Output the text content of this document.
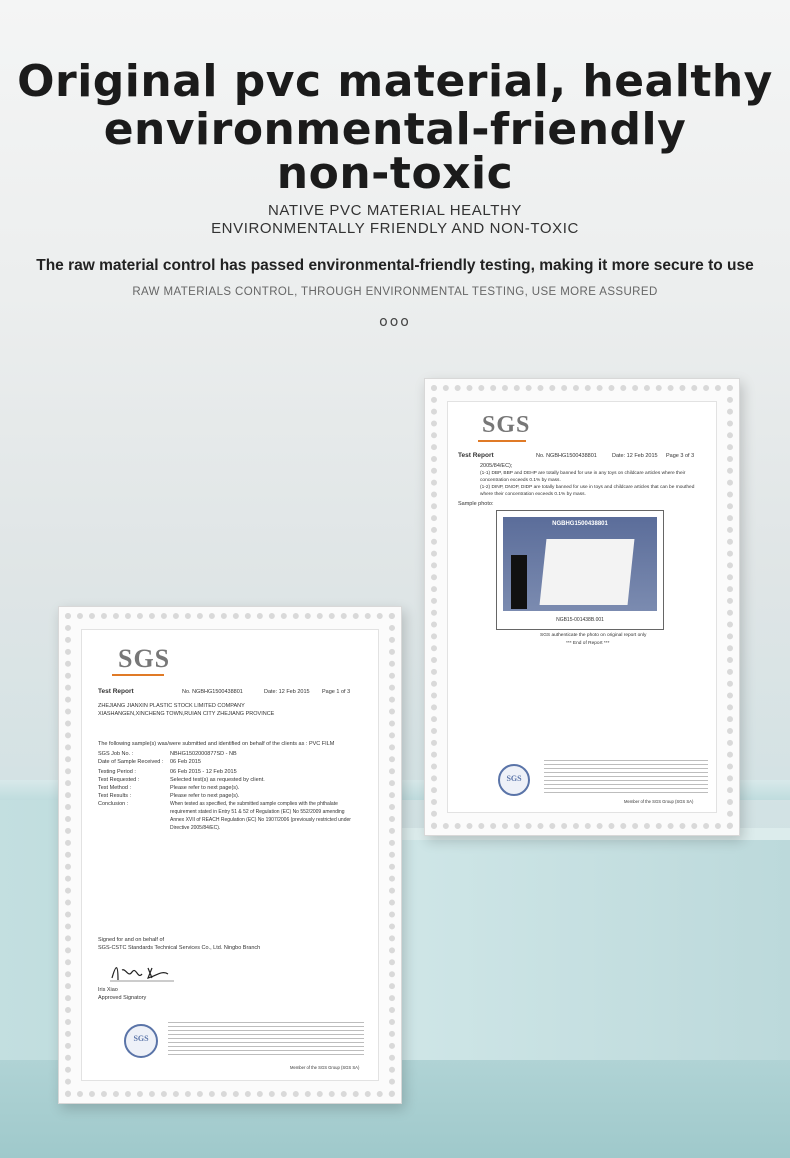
Original pvc material, healthy
environmental-friendly
non-toxic
NATIVE PVC MATERIAL HEALTHY
ENVIRONMENTALLY FRIENDLY AND NON-TOXIC
The raw material control has passed environmental-friendly testing, making it more secure to use
RAW MATERIALS CONTROL, THROUGH ENVIRONMENTAL TESTING, USE MORE ASSURED
ooo
SGS
Test Report	No. NGBHG1500438801	Date: 12 Feb 2015 Page 3 of 3
2005/84/EC);
(1-1) DBP, BBP and DEHP are totally banned for use in any toys on childcare articles where their
concentration exceeds 0.1% by mass.
(1-2) DINP, DNOP, DIDP are totally banned for use in toys and childcare articles that can be mouthed
where their concentration exceeds 0.1% by mass.
Sample photo:
NGBHG1500438801
NGB15-001438B.001
SGS authenticate the photo on original report only
*** End of Report ***
SGS
Member of the SGS Group (SGS SA)
SGS
Test Report	No. NGBHG1500438801	Date: 12 Feb 2015 Page 1 of 3
ZHEJIANG JIANXIN PLASTIC STOCK LIMITED COMPANY
XIASHANGEN,XINCHENG TOWN,RUIAN CITY ZHEJIANG PROVINCE
The following sample(s) was/were submitted and identified on behalf of the clients as : PVC FILM
SGS Job No. :	NBHG1502000877SD - NB
Date of Sample Received : 06 Feb 2015
Testing Period :	06 Feb 2015 - 12 Feb 2015
Test Requested :	Selected test(s) as requested by client.
Test Method :	Please refer to next page(s).
Test Results :	Please refer to next page(s).
Conclusion :	When tested as specified, the submitted sample complies with the phthalate
requirement stated in Entry 51 & 52 of Regulation (EC) No 552/2009 amending
Annex XVII of REACH Regulation (EC) No 1907/2006 (previously restricted under
Directive 2005/84/EC).
Signed for and on behalf of
SGS-CSTC Standards Technical Services Co., Ltd. Ningbo Branch
Iris Xiao
Approved Signatory
SGS
Member of the SGS Group (SGS SA)
